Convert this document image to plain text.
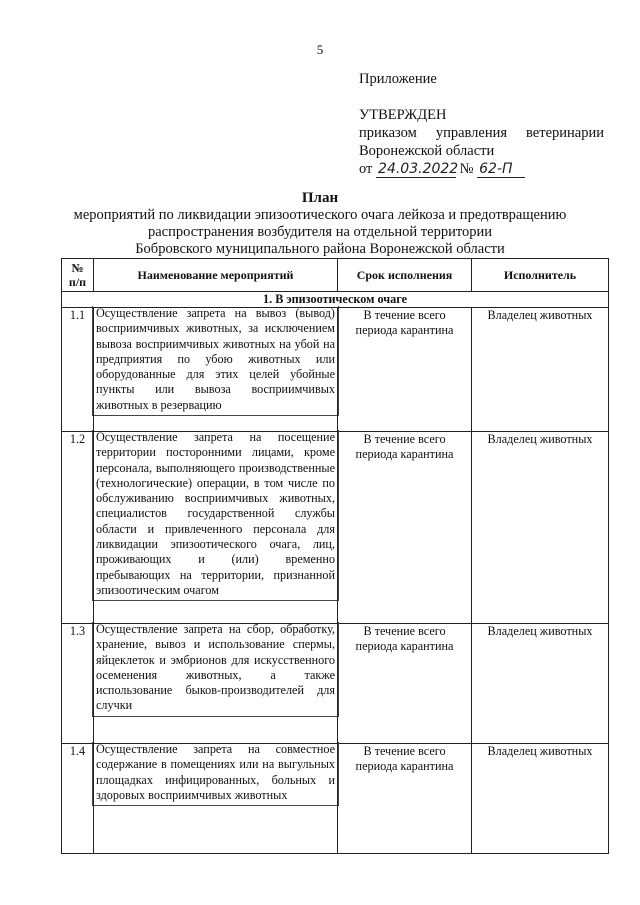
5
Приложение
УТВЕРЖДЕН
приказом управления ветеринарии
Воронежской области
от 24.03.2022 № 62-П
План
мероприятий по ликвидации эпизоотического очага лейкоза и предотвращению
распространения возбудителя на отдельной территории
Бобровского муниципального района Воронежской области
№
п/п	Наименование мероприятий	Срок исполнения	Исполнитель
1. В эпизоотическом очаге			
1.1	Осуществление запрета на вывоз (вывод) восприимчивых животных, за исключением вывоза восприимчивых животных на убой на предприятия по убою животных или оборудованные для этих целей убойные пункты или вывоза восприимчивых животных в резервацию	В течение всего
периода карантина	Владелец животных
1.2	Осуществление запрета на посещение территории посторонними лицами, кроме персонала, выполняющего производственные (технологические) операции, в том числе по обслуживанию восприимчивых животных, специалистов государственной службы области и привлеченного персонала для ликвидации эпизоотического очага, лиц, проживающих и (или) временно пребывающих на территории, признанной эпизоотическим очагом	В течение всего
периода карантина	Владелец животных
1.3	Осуществление запрета на сбор, обработку, хранение, вывоз и использование спермы, яйцеклеток и эмбрионов для искусственного осеменения животных, а также использование быков-производителей для случки	В течение всего
периода карантина	Владелец животных
1.4	Осуществление запрета на совместное содержание в помещениях или на выгульных площадках инфицированных, больных и здоровых восприимчивых животных	В течение всего
периода карантина	Владелец животных
